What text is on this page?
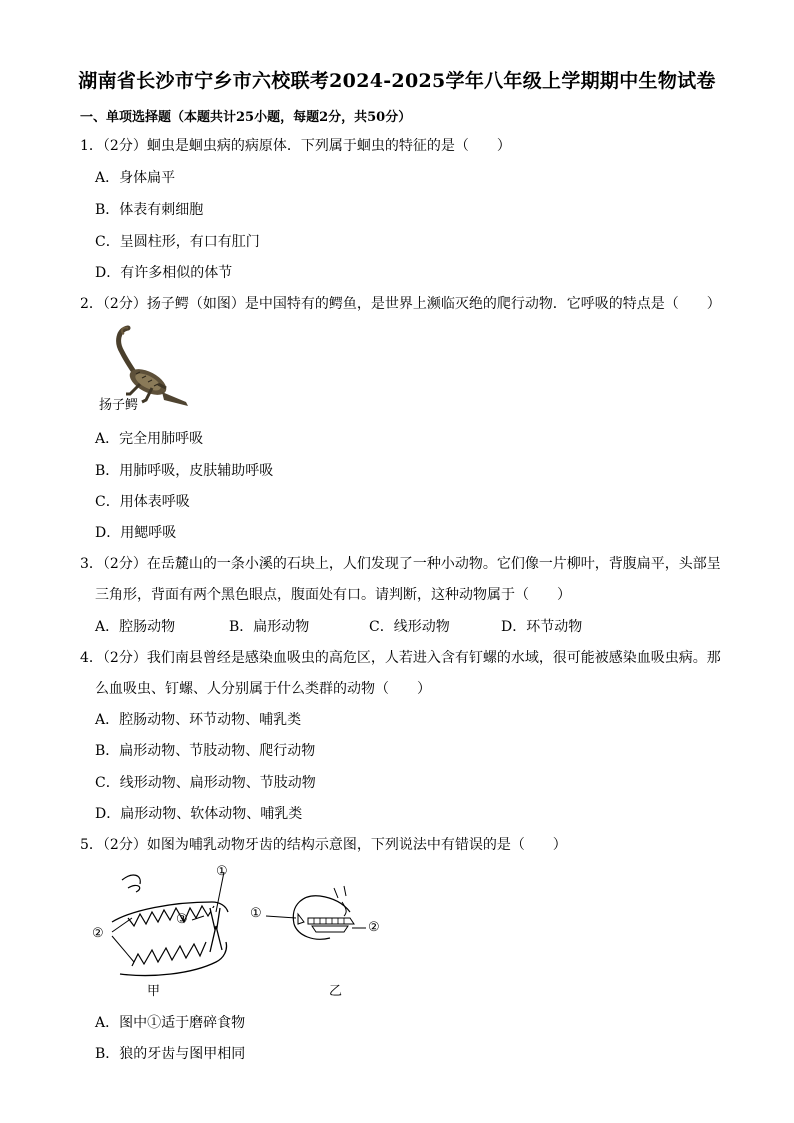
湖南省长沙市宁乡市六校联考2024-2025学年八年级上学期期中生物试卷
一、单项选择题（本题共计25小题，每题2分，共50分）
1．（2分）蛔虫是蛔虫病的病原体．下列属于蛔虫的特征的是（　　）
A．身体扁平
B．体表有刺细胞
C．呈圆柱形，有口有肛门
D．有许多相似的体节
2．（2分）扬子鳄（如图）是中国特有的鳄鱼，是世界上濒临灭绝的爬行动物．它呼吸的特点是（　　）
扬子鳄
A．完全用肺呼吸
B．用肺呼吸，皮肤辅助呼吸
C．用体表呼吸
D．用鳃呼吸
3．（2分）在岳麓山的一条小溪的石块上，人们发现了一种小动物。它们像一片柳叶，背腹扁平，头部呈
三角形，背面有两个黑色眼点，腹面处有口。请判断，这种动物属于（　　）
A．腔肠动物	B．扁形动物	C．线形动物	D．环节动物
4．（2分）我们南县曾经是感染血吸虫的高危区，人若进入含有钉螺的水域，很可能被感染血吸虫病。那
么血吸虫、钉螺、人分别属于什么类群的动物（　　）
A．腔肠动物、环节动物、哺乳类
B．扁形动物、节肢动物、爬行动物
C．线形动物、扁形动物、节肢动物
D．扁形动物、软体动物、哺乳类
5．（2分）如图为哺乳动物牙齿的结构示意图，下列说法中有错误的是（　　）
②
①
③
甲
①
②
乙
A．图中①适于磨碎食物
B．狼的牙齿与图甲相同
